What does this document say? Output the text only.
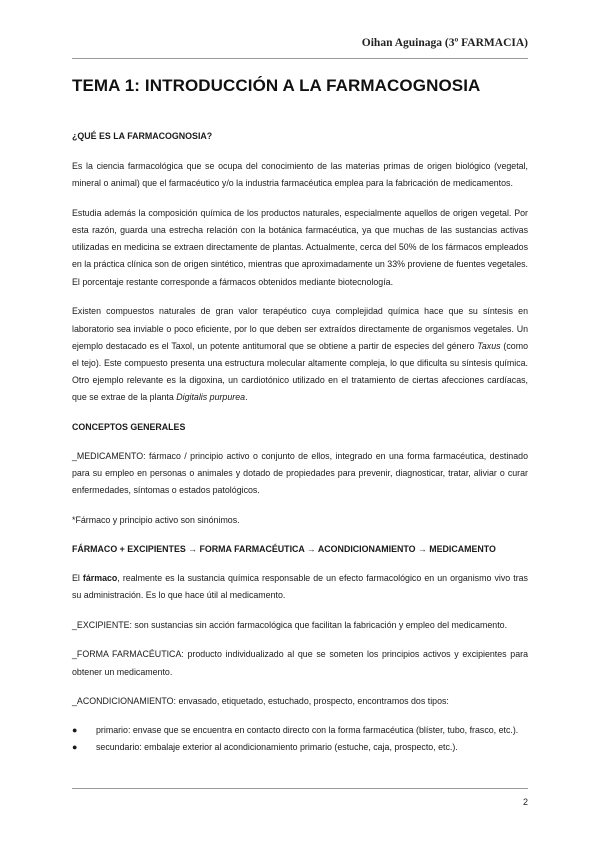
Oihan Aguinaga (3º FARMACIA)
TEMA 1: INTRODUCCIÓN A LA FARMACOGNOSIA
¿QUÉ ES LA FARMACOGNOSIA?

Es la ciencia farmacológica que se ocupa del conocimiento de las materias primas de origen biológico (vegetal, mineral o animal) que el farmacéutico y/o la industria farmacéutica emplea para la fabricación de medicamentos.

Estudia además la composición química de los productos naturales, especialmente aquellos de origen vegetal. Por esta razón, guarda una estrecha relación con la botánica farmacéutica, ya que muchas de las sustancias activas utilizadas en medicina se extraen directamente de plantas. Actualmente, cerca del 50% de los fármacos empleados en la práctica clínica son de origen sintético, mientras que aproximadamente un 33% proviene de fuentes vegetales. El porcentaje restante corresponde a fármacos obtenidos mediante biotecnología.

Existen compuestos naturales de gran valor terapéutico cuya complejidad química hace que su síntesis en laboratorio sea inviable o poco eficiente, por lo que deben ser extraídos directamente de organismos vegetales. Un ejemplo destacado es el Taxol, un potente antitumoral que se obtiene a partir de especies del género Taxus (como el tejo). Este compuesto presenta una estructura molecular altamente compleja, lo que dificulta su síntesis química. Otro ejemplo relevante es la digoxina, un cardiotónico utilizado en el tratamiento de ciertas afecciones cardíacas, que se extrae de la planta Digitalis purpurea.

CONCEPTOS GENERALES

_MEDICAMENTO: fármaco / principio activo o conjunto de ellos, integrado en una forma farmacéutica, destinado para su empleo en personas o animales y dotado de propiedades para prevenir, diagnosticar, tratar, aliviar o curar enfermedades, síntomas o estados patológicos.

*Fármaco y principio activo son sinónimos.

FÁRMACO + EXCIPIENTES → FORMA FARMACÉUTICA → ACONDICIONAMIENTO → MEDICAMENTO

El fármaco, realmente es la sustancia química responsable de un efecto farmacológico en un organismo vivo tras su administración. Es lo que hace útil al medicamento.

_EXCIPIENTE: son sustancias sin acción farmacológica que facilitan la fabricación y empleo del medicamento.

_FORMA FARMACÉUTICA: producto individualizado al que se someten los principios activos y excipientes para obtener un medicamento.

_ACONDICIONAMIENTO: envasado, etiquetado, estuchado, prospecto, encontramos dos tipos:

● primario: envase que se encuentra en contacto directo con la forma farmacéutica (blíster, tubo, frasco, etc.).
● secundario: embalaje exterior al acondicionamiento primario (estuche, caja, prospecto, etc.).
2
